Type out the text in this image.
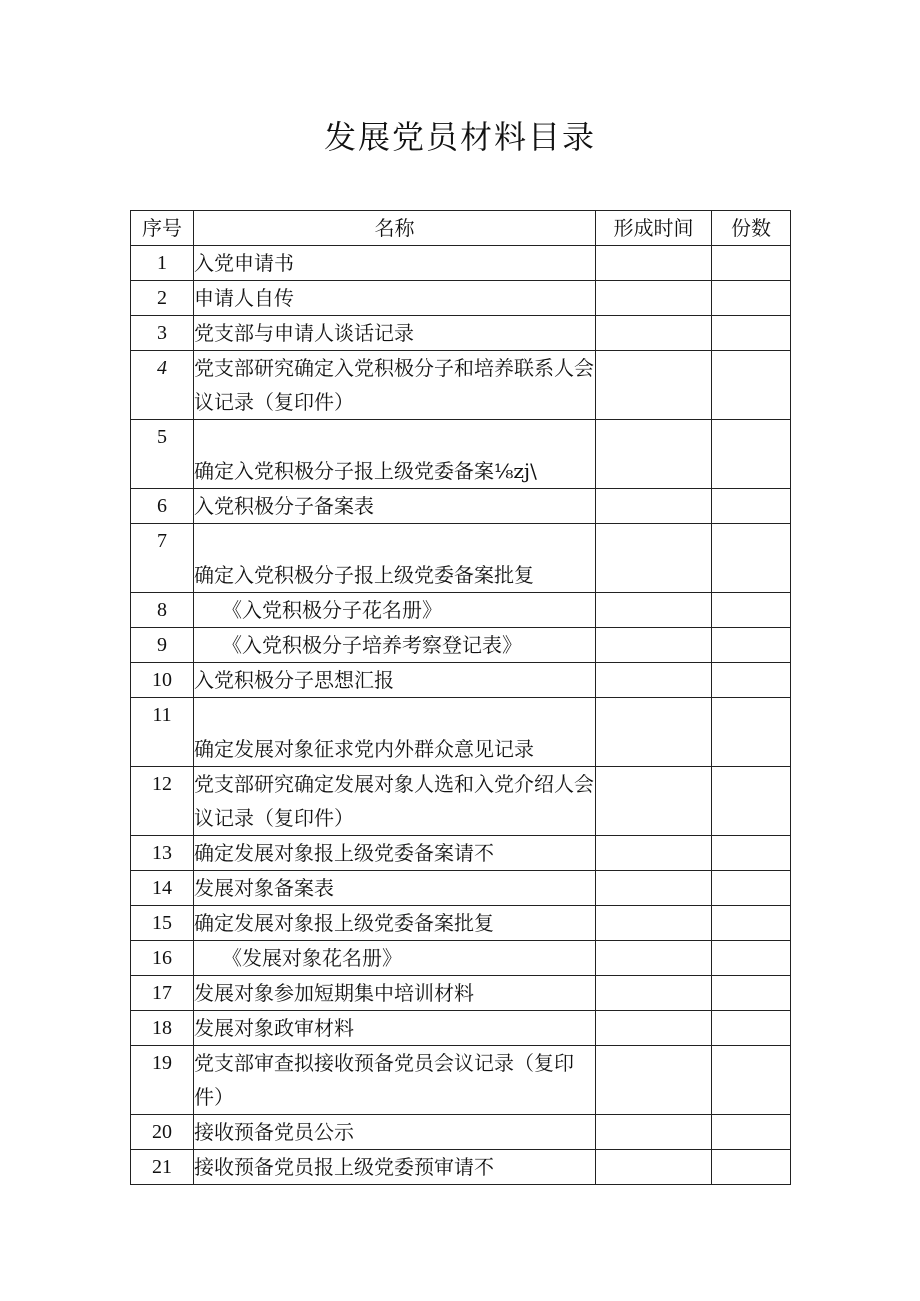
发展党员材料目录
序号	名称	形成时间	份数
1	入党申请书		
2	申请人自传		
3	党支部与申请人谈话记录		
4	党支部研究确定入党积极分子和培养联系人会议记录（复印件）		
5	确定入党积极分子报上级党委备案⅛zj\		
6	入党积极分子备案表		
7	确定入党积极分子报上级党委备案批复		
8	《入党积极分子花名册》		
9	《入党积极分子培养考察登记表》		
10	入党积极分子思想汇报		
11	确定发展对象征求党内外群众意见记录		
12	党支部研究确定发展对象人选和入党介绍人会议记录（复印件）		
13	确定发展对象报上级党委备案请不		
14	发展对象备案表		
15	确定发展对象报上级党委备案批复		
16	《发展对象花名册》		
17	发展对象参加短期集中培训材料		
18	发展对象政审材料		
19	党支部审查拟接收预备党员会议记录（复印件）		
20	接收预备党员公示		
21	接收预备党员报上级党委预审请不		
